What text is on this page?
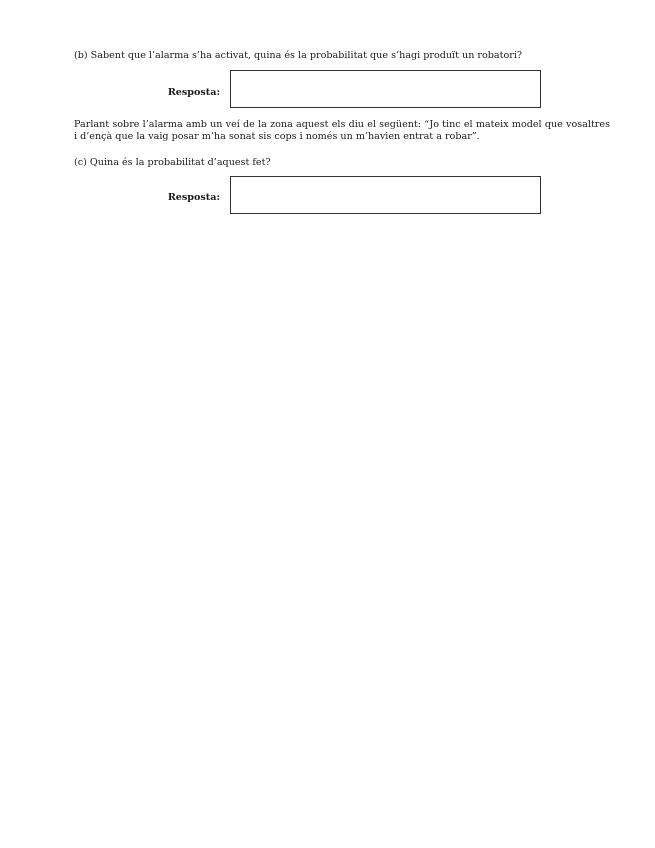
(b) Sabent que l’alarma s’ha activat, quina és la probabilitat que s’hagi produït un robatori?
Resposta:
Parlant sobre l’alarma amb un veí de la zona aquest els diu el següent: “Jo tinc el mateix model que vosaltres i d’ençà que la vaig posar m’ha sonat sis cops i només un m’havien entrat a robar”.
(c) Quina és la probabilitat d’aquest fet?
Resposta:
